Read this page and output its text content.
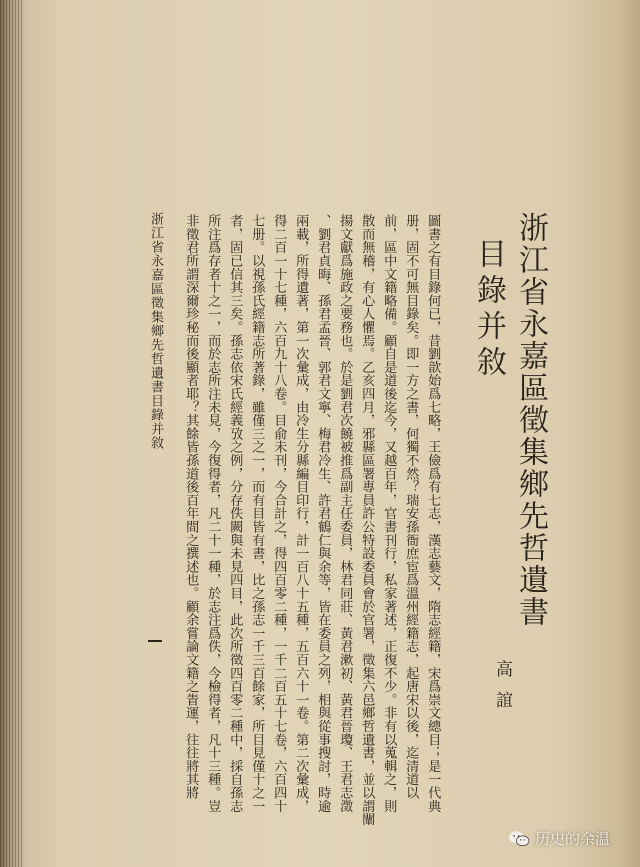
浙江省永嘉區徵集鄉先哲遺書
目錄并敘
高誼
圖書之有目錄何已，昔劉歆始爲七略，王儉爲有七志，漢志藝文，隋志經籍，宋爲崇文總目；是一代典
册，固不可無目錄矣。即一方之書，何獨不然？瑞安孫衙庶宦爲溫州經籍志，起唐宋以後，迄清道以
前，區中文籍略備。顧自是道後迄今，又越百年，官書刊行，私家著述，正復不少。非有以蒐輯之，則
散而無稽，有心人懼焉。乙亥四月，邪縣區署專員許公特設委員會於官署，徵集六邑鄉哲遺書，並以謂闡
揚文獻爲施政之要務也。於是劉君次饒被推爲副主任委員，林君同莊、黃君漱初、黃君晉瓊、王君志澂
、劉君貞晦、孫君孟晉、郭君文寧、梅君冷生、許君鶴仁與余等，皆在委員之列，相與從事搜討，時逾
兩載，所得遺著，第一次彙成，由冷生分縣編目印行，計一百八十五種，五百六十一卷。第二次彙成，
得二百一十七種，六百九十八卷。目俞未刊，今合計之，得四百零二種，一千二百五十七卷，六百四十
七册。以視孫氏經籍志所著錄，雖僅三之一，而有目皆有書，比之孫志一千三百餘家，所目見僅十之一
者，固已信其三矣。孫志依宋氏經義攷之例，分存佚闕與未見四目，此次所徵四百零二種中，採自孫志
所注爲存者十之一，而於志所注未見，今復得者，凡二十一種，於志注爲佚，今檢得者，凡十三種。豈
非徵君所謂深爾珍秘而後顯者耶？其餘皆孫道後百年間之撰述也。顧余嘗論文籍之眚運，往往將其將
浙江省永嘉區徵集鄉先哲遺書目錄并敘
历史的余温
